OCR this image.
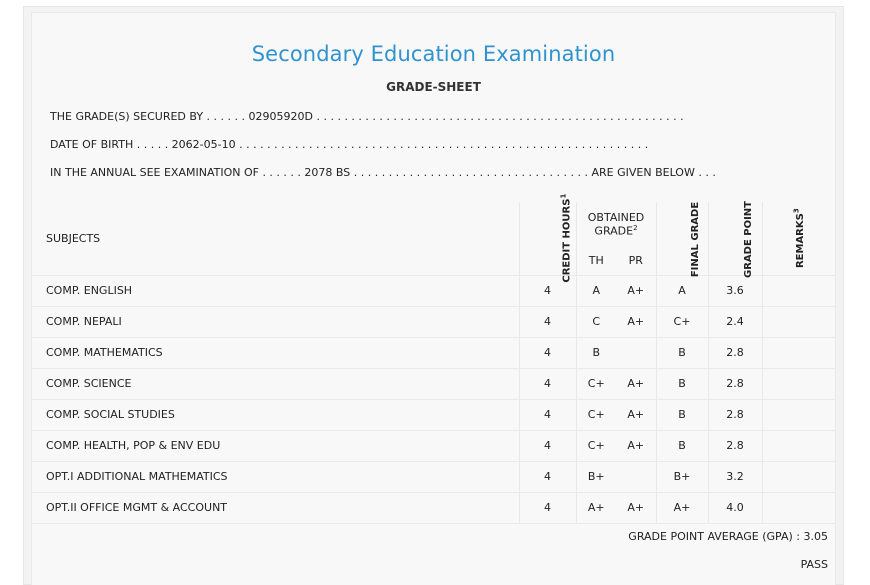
Secondary Education Examination
GRADE-SHEET
THE GRADE(S) SECURED BY . . . . . . 02905920D . . . . . . . . . . . . . . . . . . . . . . . . . . . . . . . . . . . . . . . . . . . . . . . . . . . . .
DATE OF BIRTH . . . . . 2062-05-10 . . . . . . . . . . . . . . . . . . . . . . . . . . . . . . . . . . . . . . . . . . . . . . . . . . . . . . . . . . .
IN THE ANNUAL SEE EXAMINATION OF . . . . . . 2078 BS . . . . . . . . . . . . . . . . . . . . . . . . . . . . . . . . . . ARE GIVEN BELOW . . .
SUBJECTS	CREDIT HOURS$^1$	OBTAINED GRADE$^2$		FINAL GRADE	GRADE POINT	REMARKS$^3$
		TH	PR			
COMP. ENGLISH	4	A	A+	A	3.6	
COMP. NEPALI	4	C	A+	C+	2.4	
COMP. MATHEMATICS	4	B		B	2.8	
COMP. SCIENCE	4	C+	A+	B	2.8	
COMP. SOCIAL STUDIES	4	C+	A+	B	2.8	
COMP. HEALTH, POP & ENV EDU	4	C+	A+	B	2.8	
OPT.I ADDITIONAL MATHEMATICS	4	B+		B+	3.2	
OPT.II OFFICE MGMT & ACCOUNT	4	A+	A+	A+	4.0	
GRADE POINT AVERAGE (GPA) : 3.05
PASS
